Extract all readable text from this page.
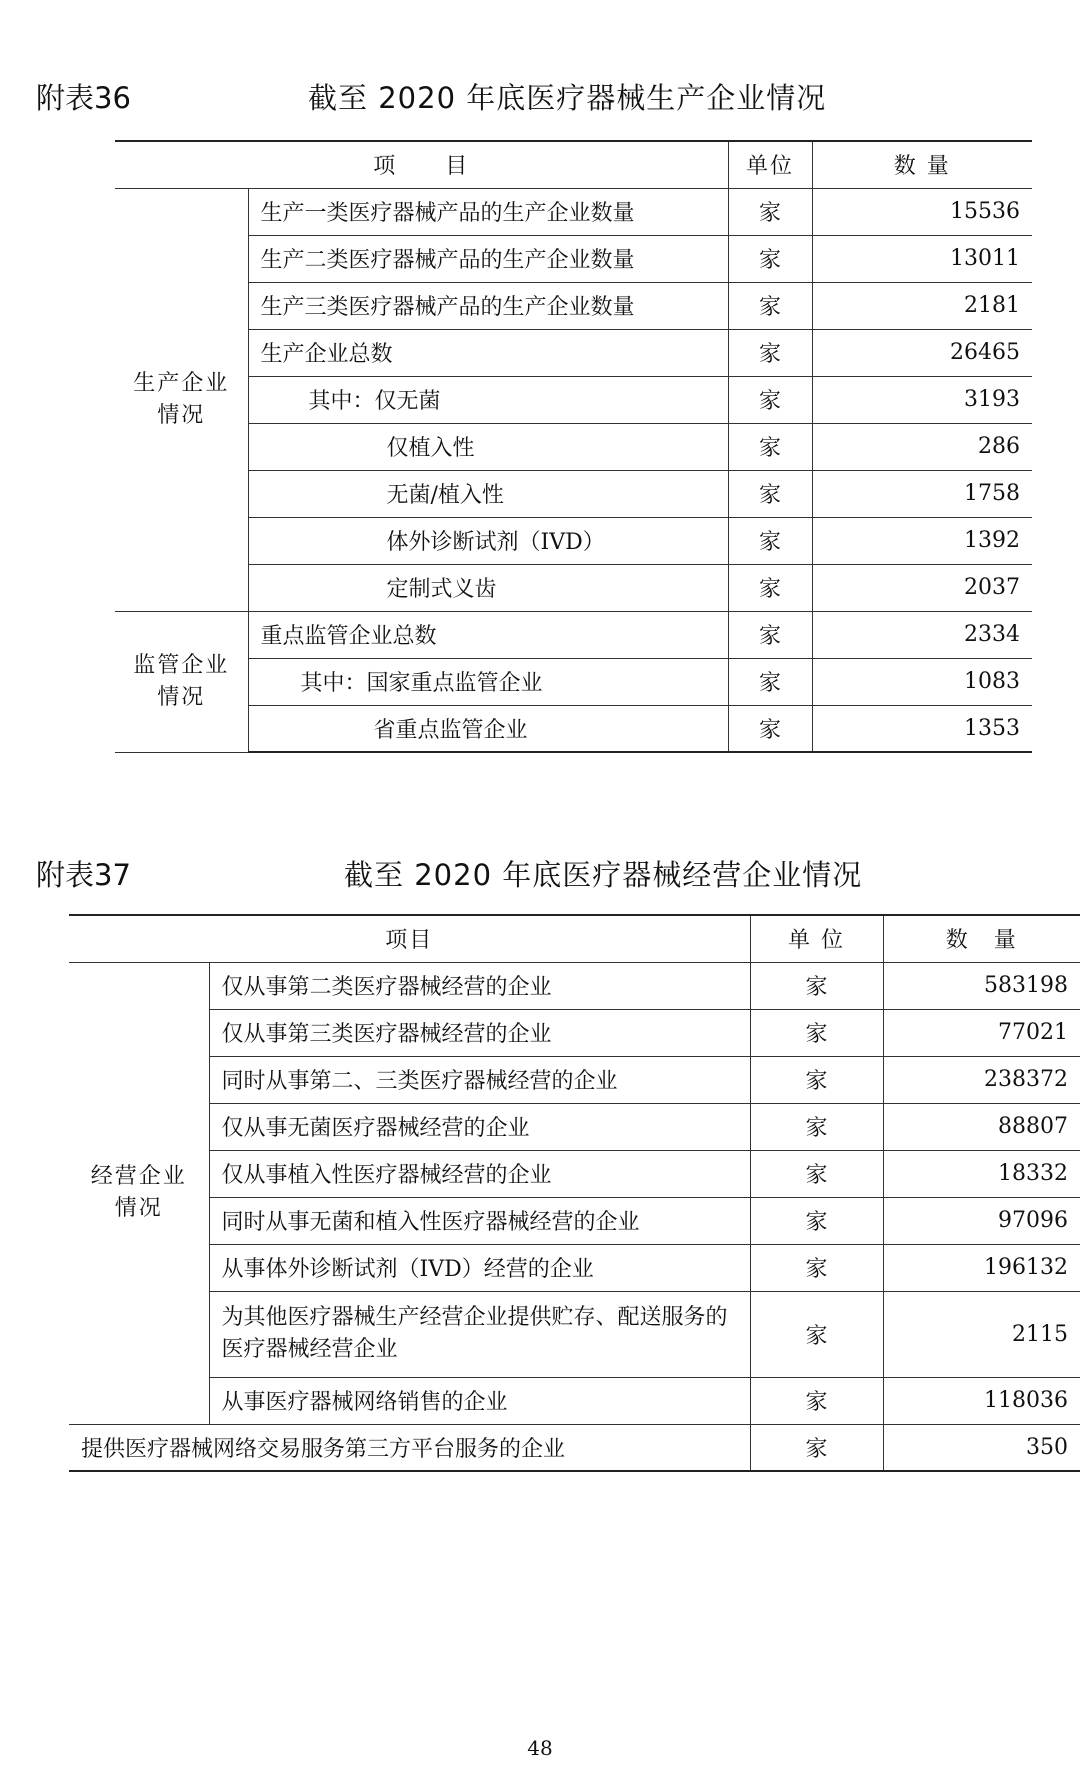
附表36	截至 2020 年底医疗器械生产企业情况
项　　目		单位	数 量
生产企业情况	生产一类医疗器械产品的生产企业数量	家	15536
	生产二类医疗器械产品的生产企业数量	家	13011
	生产三类医疗器械产品的生产企业数量	家	2181
	生产企业总数	家	26465
	其中：仅无菌	家	3193
	仅植入性	家	286
	无菌/植入性	家	1758
	体外诊断试剂（IVD）	家	1392
	定制式义齿	家	2037
监管企业情况	重点监管企业总数	家	2334
	其中：国家重点监管企业	家	1083
	省重点监管企业	家	1353
附表37	截至 2020 年底医疗器械经营企业情况
项目		单 位	数　量
经营企业情况	仅从事第二类医疗器械经营的企业	家	583198
	仅从事第三类医疗器械经营的企业	家	77021
	同时从事第二、三类医疗器械经营的企业	家	238372
	仅从事无菌医疗器械经营的企业	家	88807
	仅从事植入性医疗器械经营的企业	家	18332
	同时从事无菌和植入性医疗器械经营的企业	家	97096
	从事体外诊断试剂（IVD）经营的企业	家	196132
	为其他医疗器械生产经营企业提供贮存、配送服务的医疗器械经营企业	家	2115
	从事医疗器械网络销售的企业	家	118036
提供医疗器械网络交易服务第三方平台服务的企业		家	350
48
